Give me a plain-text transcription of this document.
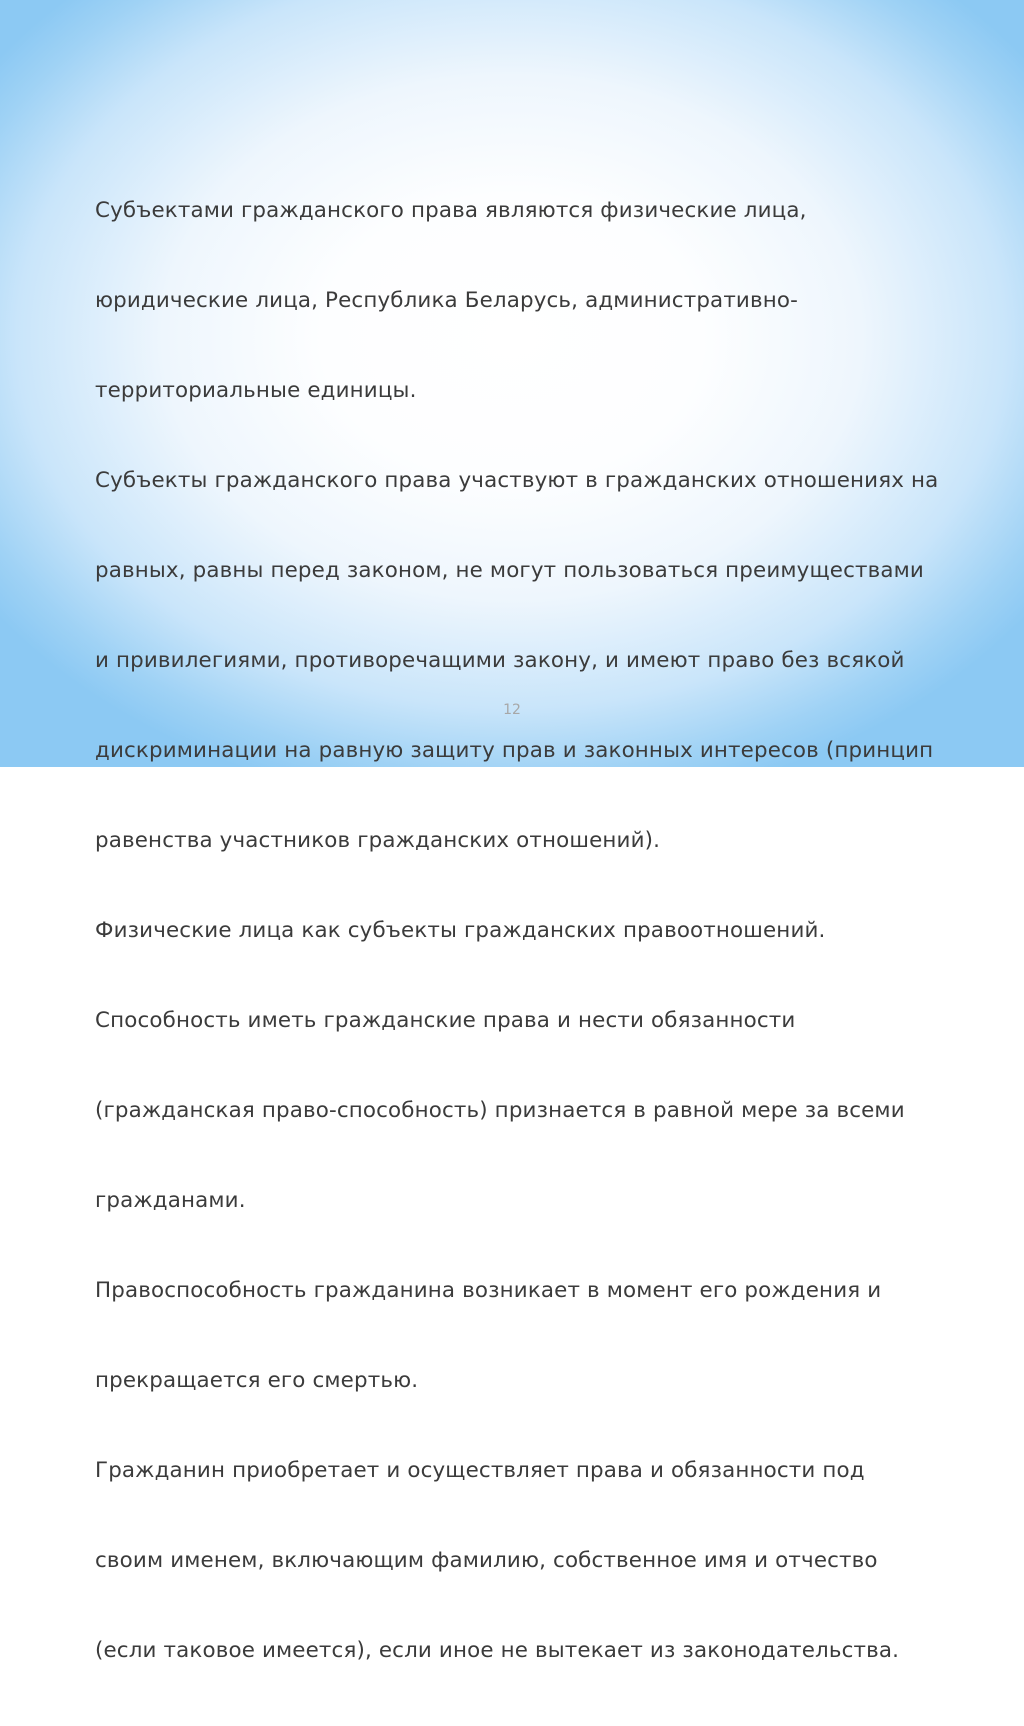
Субъектами гражданского права являются физические лица,

юридические лица, Республика Беларусь, административно-

территориальные единицы.

Субъекты гражданского права участвуют в гражданских отношениях на

равных, равны перед законом, не могут пользоваться преимуществами

и привилегиями, противоречащими закону, и имеют право без всякой

дискриминации на равную защиту прав и законных интересов (принцип

равенства участников гражданских отношений).

Физические лица как субъекты гражданских правоотношений.

Способность иметь гражданские права и нести обязанности

(гражданская право-способность) признается в равной мере за всеми

гражданами.

Правоспособность гражданина возникает в момент его рождения и

прекращается его смертью.

Гражданин приобретает и осуществляет права и обязанности под

своим именем, включающим фамилию, собственное имя и отчество

(если таковое имеется), если иное не вытекает из законодательства.

12
